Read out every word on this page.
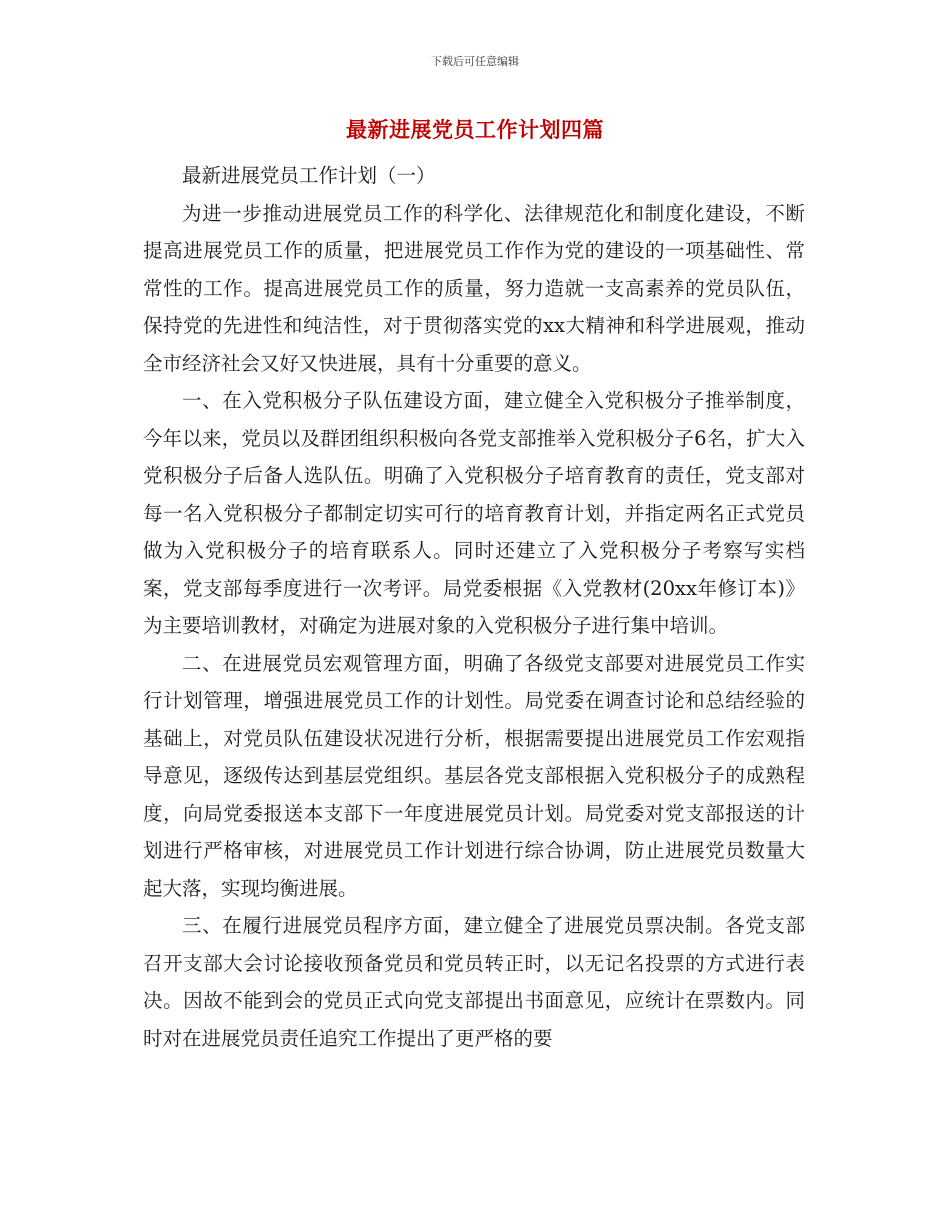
下载后可任意编辑
最新进展党员工作计划四篇

最新进展党员工作计划（一）

为进一步推动进展党员工作的科学化、法律规范化和制度化建设，不断提高进展党员工作的质量，把进展党员工作作为党的建设的一项基础性、常常性的工作。提高进展党员工作的质量，努力造就一支高素养的党员队伍，保持党的先进性和纯洁性，对于贯彻落实党的xx大精神和科学进展观，推动全市经济社会又好又快进展，具有十分重要的意义。

一、在入党积极分子队伍建设方面，建立健全入党积极分子推举制度，今年以来，党员以及群团组织积极向各党支部推举入党积极分子6名，扩大入党积极分子后备人选队伍。明确了入党积极分子培育教育的责任，党支部对每一名入党积极分子都制定切实可行的培育教育计划，并指定两名正式党员做为入党积极分子的培育联系人。同时还建立了入党积极分子考察写实档案，党支部每季度进行一次考评。局党委根据《入党教材(20xx年修订本)》为主要培训教材，对确定为进展对象的入党积极分子进行集中培训。

二、在进展党员宏观管理方面，明确了各级党支部要对进展党员工作实行计划管理，增强进展党员工作的计划性。局党委在调查讨论和总结经验的基础上，对党员队伍建设状况进行分析，根据需要提出进展党员工作宏观指导意见，逐级传达到基层党组织。基层各党支部根据入党积极分子的成熟程度，向局党委报送本支部下一年度进展党员计划。局党委对党支部报送的计划进行严格审核，对进展党员工作计划进行综合协调，防止进展党员数量大起大落，实现均衡进展。

三、在履行进展党员程序方面，建立健全了进展党员票决制。各党支部召开支部大会讨论接收预备党员和党员转正时，以无记名投票的方式进行表决。因故不能到会的党员正式向党支部提出书面意见，应统计在票数内。同时对在进展党员责任追究工作提出了更严格的要
